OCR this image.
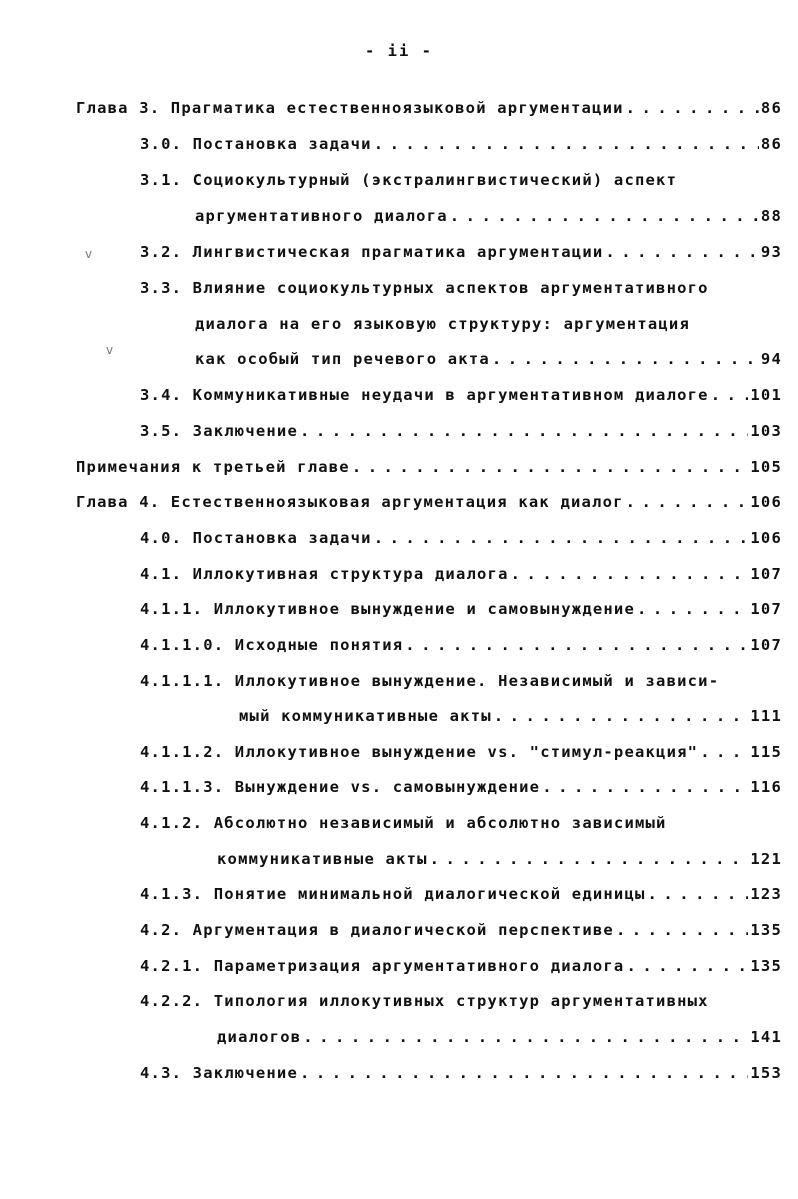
- ii -
Глава 3. Прагматика естественноязыковой аргументации . . .	86
3.0. Постановка задачи . . .	86
3.1. Социокультурный (экстралингвистический) аспект
аргументативного диалога . . .	88
3.2. Лингвистическая прагматика аргументации . . .	93
3.3. Влияние социокультурных аспектов аргументативного
диалога на его языковую структуру: аргументация
как особый тип речевого акта . . .	94
3.4. Коммуникативные неудачи в аргументативном диалоге . . .	101
3.5. Заключение . . .	103
Примечания к третьей главе . . .	105
Глава 4. Естественноязыковая аргументация как диалог . . .	106
4.0. Постановка задачи . . .	106
4.1. Иллокутивная структура диалога . . .	107
4.1.1. Иллокутивное вынуждение и самовынуждение . . .	107
4.1.1.0. Исходные понятия . . .	107
4.1.1.1. Иллокутивное вынуждение. Независимый и зависи-
мый коммуникативные акты . . .	111
4.1.1.2. Иллокутивное вынуждение vs. "стимул-реакция" . . .	115
4.1.1.3. Вынуждение vs. самовынуждение . . .	116
4.1.2. Абсолютно независимый и абсолютно зависимый
коммуникативные акты . . .	121
4.1.3. Понятие минимальной диалогической единицы . . .	123
4.2. Аргументация в диалогической перспективе . . .	135
4.2.1. Параметризация аргументативного диалога . . .	135
4.2.2. Типология иллокутивных структур аргументативных
диалогов . . .	141
4.3. Заключение . . .	153
v
v
